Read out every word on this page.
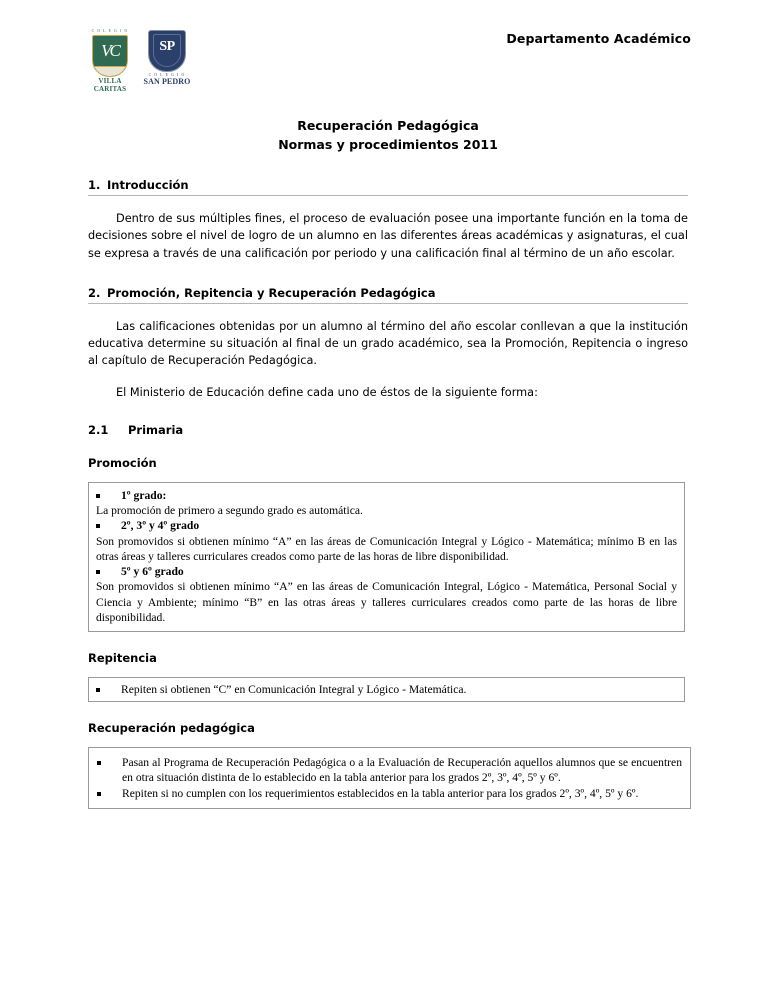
C O L E G I O
VC
VILLA
CARITAS
SP
C O L E G I O
SAN PEDRO
Departamento Académico
Recuperación Pedagógica
Normas y procedimientos 2011
1. Introducción

Dentro de sus múltiples fines, el proceso de evaluación posee una importante función en la toma de decisiones sobre el nivel de logro de un alumno en las diferentes áreas académicas y asignaturas, el cual se expresa a través de una calificación por periodo y una calificación final al término de un año escolar.

2. Promoción, Repitencia y Recuperación Pedagógica

Las calificaciones obtenidas por un alumno al término del año escolar conllevan a que la institución educativa determine su situación al final de un grado académico, sea la Promoción, Repitencia o ingreso al capítulo de Recuperación Pedagógica.

El Ministerio de Educación define cada uno de éstos de la siguiente forma:

2.1 Primaria
Promoción
1º grado:

La promoción de primero a segundo grado es automática.

2º, 3º y 4º grado

Son promovidos si obtienen mínimo “A” en las áreas de Comunicación Integral y Lógico - Matemática; mínimo B en las otras áreas y talleres curriculares creados como parte de las horas de libre disponibilidad.

5º y 6º grado

Son promovidos si obtienen mínimo “A” en las áreas de Comunicación Integral, Lógico - Matemática, Personal Social y Ciencia y Ambiente; mínimo “B” en las otras áreas y talleres curriculares creados como parte de las horas de libre disponibilidad.

Repitencia
Repiten si obtienen “C” en Comunicación Integral y Lógico - Matemática.
Recuperación pedagógica
Pasan al Programa de Recuperación Pedagógica o a la Evaluación de Recuperación aquellos alumnos que se encuentren en otra situación distinta de lo establecido en la tabla anterior para los grados 2º, 3º, 4º, 5º y 6º.
Repiten si no cumplen con los requerimientos establecidos en la tabla anterior para los grados 2º, 3º, 4º, 5º y 6º.
